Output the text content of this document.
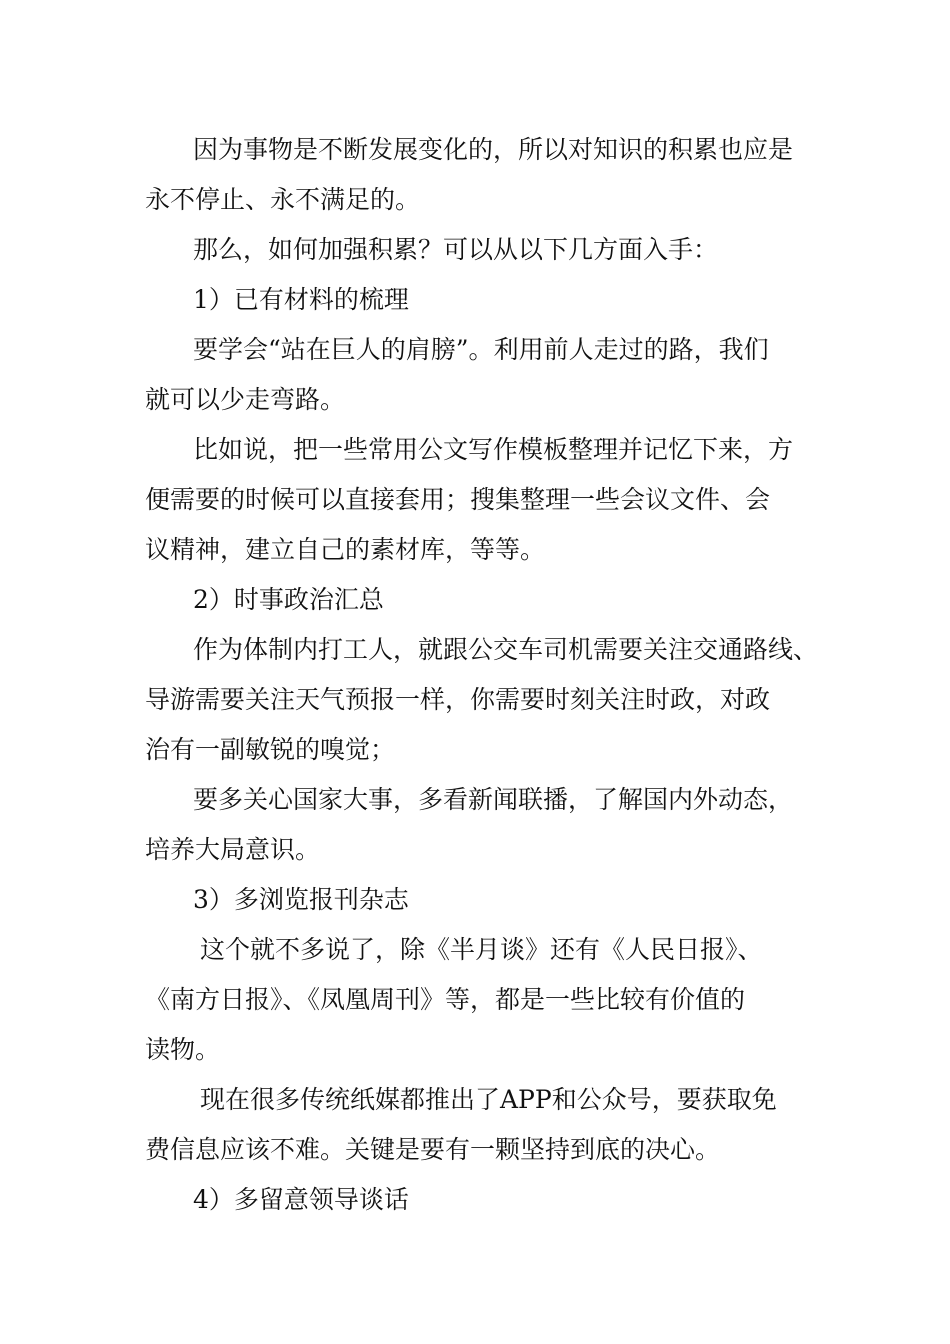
因为事物是不断发展变化的，所以对知识的积累也应是

永不停止、永不满足的。

那么，如何加强积累？可以从以下几方面入手：

1）已有材料的梳理

要学会“站在巨人的肩膀”。利用前人走过的路，我们

就可以少走弯路。

比如说，把一些常用公文写作模板整理并记忆下来，方

便需要的时候可以直接套用；搜集整理一些会议文件、会

议精神，建立自己的素材库，等等。

2）时事政治汇总

作为体制内打工人，就跟公交车司机需要关注交通路线、

导游需要关注天气预报一样，你需要时刻关注时政，对政

治有一副敏锐的嗅觉；

要多关心国家大事，多看新闻联播，了解国内外动态，

培养大局意识。

3）多浏览报刊杂志

这个就不多说了，除《半月谈》还有《人民日报》、

《南方日报》、《凤凰周刊》等，都是一些比较有价值的

读物。

现在很多传统纸媒都推出了APP和公众号，要获取免

费信息应该不难。关键是要有一颗坚持到底的决心。

4）多留意领导谈话
